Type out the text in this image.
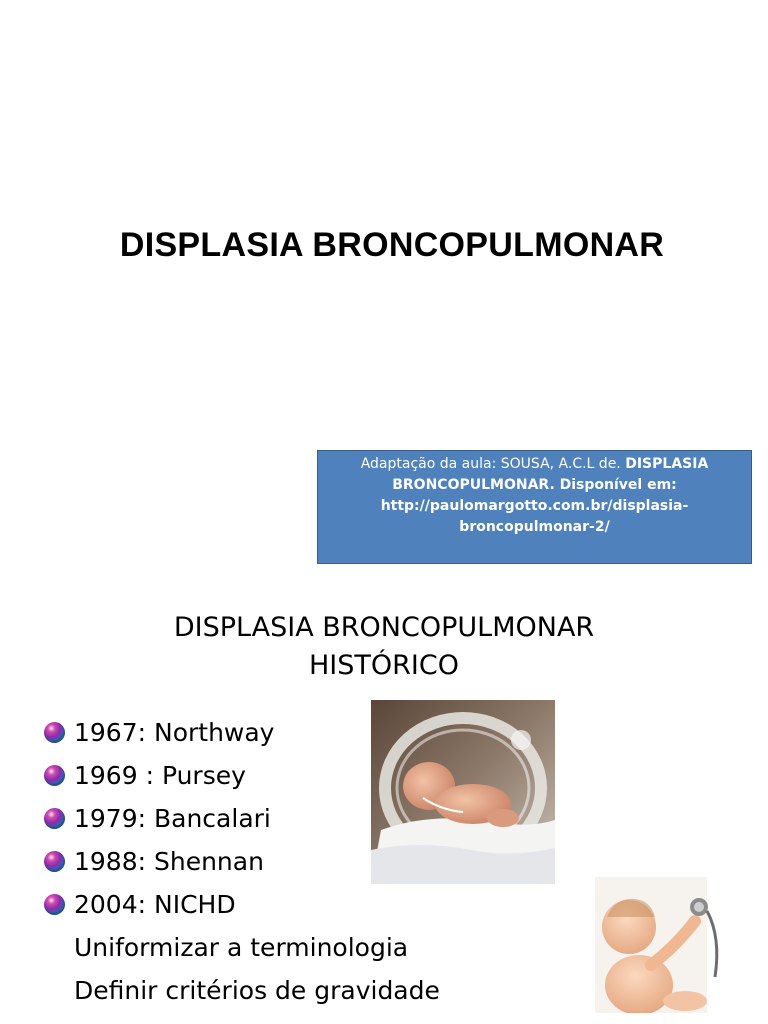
DISPLASIA BRONCOPULMONAR
Adaptação da aula: SOUSA, A.C.L de. DISPLASIA
BRONCOPULMONAR. Disponível em:
http://paulomargotto.com.br/displasia-
broncopulmonar-2/
DISPLASIA BRONCOPULMONAR
HISTÓRICO
1967: Northway
1969 : Pursey
1979: Bancalari
1988: Shennan
2004: NICHD
Uniformizar a terminologia
Definir critérios de gravidade
